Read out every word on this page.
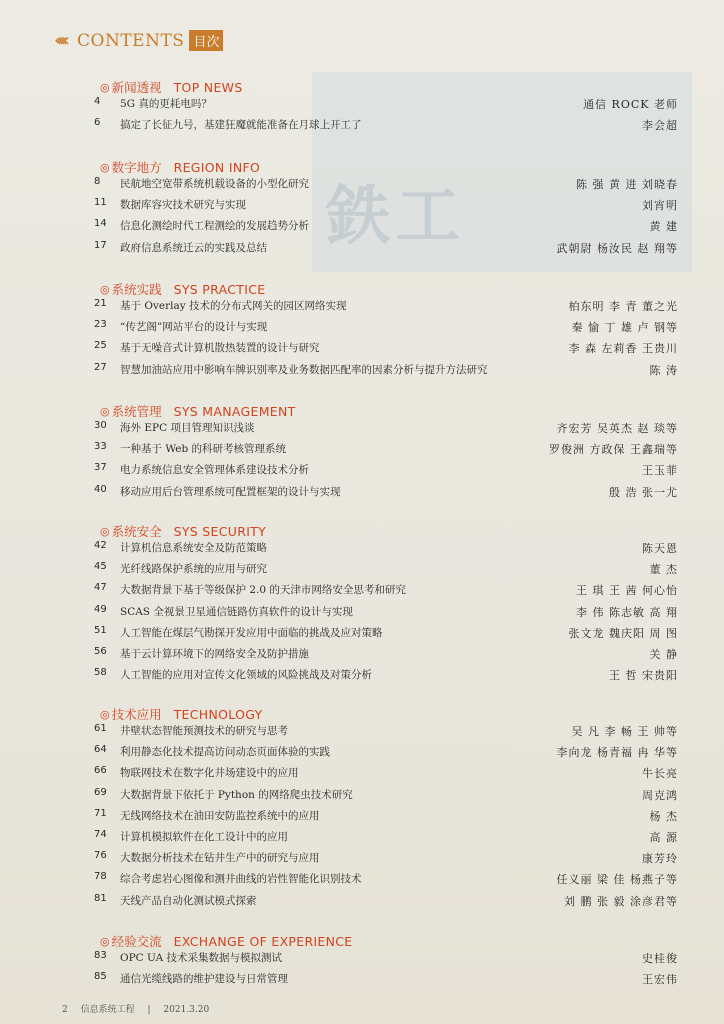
鉄工
‹‹‹‹‹ CONTENTS 目次
◎ 新闻透视 TOP NEWS
4	5G 真的更耗电吗？	通信 ROCK 老师
6	搞定了长征九号，基建狂魔就能准备在月球上开工了	李会超
◎ 数字地方 REGION INFO
8	民航地空宽带系统机载设备的小型化研究	陈 强 黄 进 刘晓春
11	数据库容灾技术研究与实现	刘宵明
14	信息化测绘时代工程测绘的发展趋势分析	黄 建
17	政府信息系统迁云的实践及总结	武朝尉 杨汝民 赵 翔等
◎ 系统实践 SYS PRACTICE
21	基于 Overlay 技术的分布式网关的园区网络实现	柏东明 李 青 董之光
23	“传艺阁”网站平台的设计与实现	秦 愉 丁 雄 卢 钢等
25	基于无噪音式计算机散热装置的设计与研究	李 森 左莉香 王贵川
27	智慧加油站应用中影响车牌识别率及业务数据匹配率的因素分析与提升方法研究	陈 涛
◎ 系统管理 SYS MANAGEMENT
30	海外 EPC 项目管理知识浅谈	齐宏芳 吴英杰 赵 琰等
33	一种基于 Web 的科研考核管理系统	罗俊洲 方政保 王鑫瑞等
37	电力系统信息安全管理体系建设技术分析	王玉菲
40	移动应用后台管理系统可配置框架的设计与实现	殷 浩 张一尤
◎ 系统安全 SYS SECURITY
42	计算机信息系统安全及防范策略	陈天恩
45	光纤线路保护系统的应用与研究	董 杰
47	大数据背景下基于等级保护 2.0 的天津市网络安全思考和研究	王 琪 王 茜 何心怡
49	SCAS 全视景卫星通信链路仿真软件的设计与实现	李 伟 陈志敏 高 翔
51	人工智能在煤层气勘探开发应用中面临的挑战及应对策略	张文龙 魏庆阳 周 图
56	基于云计算环境下的网络安全及防护措施	关 静
58	人工智能的应用对宣传文化领域的风险挑战及对策分析	王 哲 宋贵阳
◎ 技术应用 TECHNOLOGY
61	井壁状态智能预测技术的研究与思考	吴 凡 李 畅 王 帅等
64	利用静态化技术提高访问动态页面体验的实践	李向龙 杨青福 冉 华等
66	物联网技术在数字化井场建设中的应用	牛长亮
69	大数据背景下依托于 Python 的网络爬虫技术研究	周克鸿
71	无线网络技术在油田安防监控系统中的应用	杨 杰
74	计算机模拟软件在化工设计中的应用	高 源
76	大数据分析技术在钻井生产中的研究与应用	康芳玲
78	综合考虑岩心图像和测井曲线的岩性智能化识别技术	任义丽 梁 佳 杨燕子等
81	天线产品自动化测试模式探索	刘 鹏 张 毅 涂彦君等
◎ 经验交流 EXCHANGE OF EXPERIENCE
83	OPC UA 技术采集数据与模拟测试	史桂俊
85	通信光缆线路的维护建设与日常管理	王宏伟
2 信息系统工程 | 2021.3.20
